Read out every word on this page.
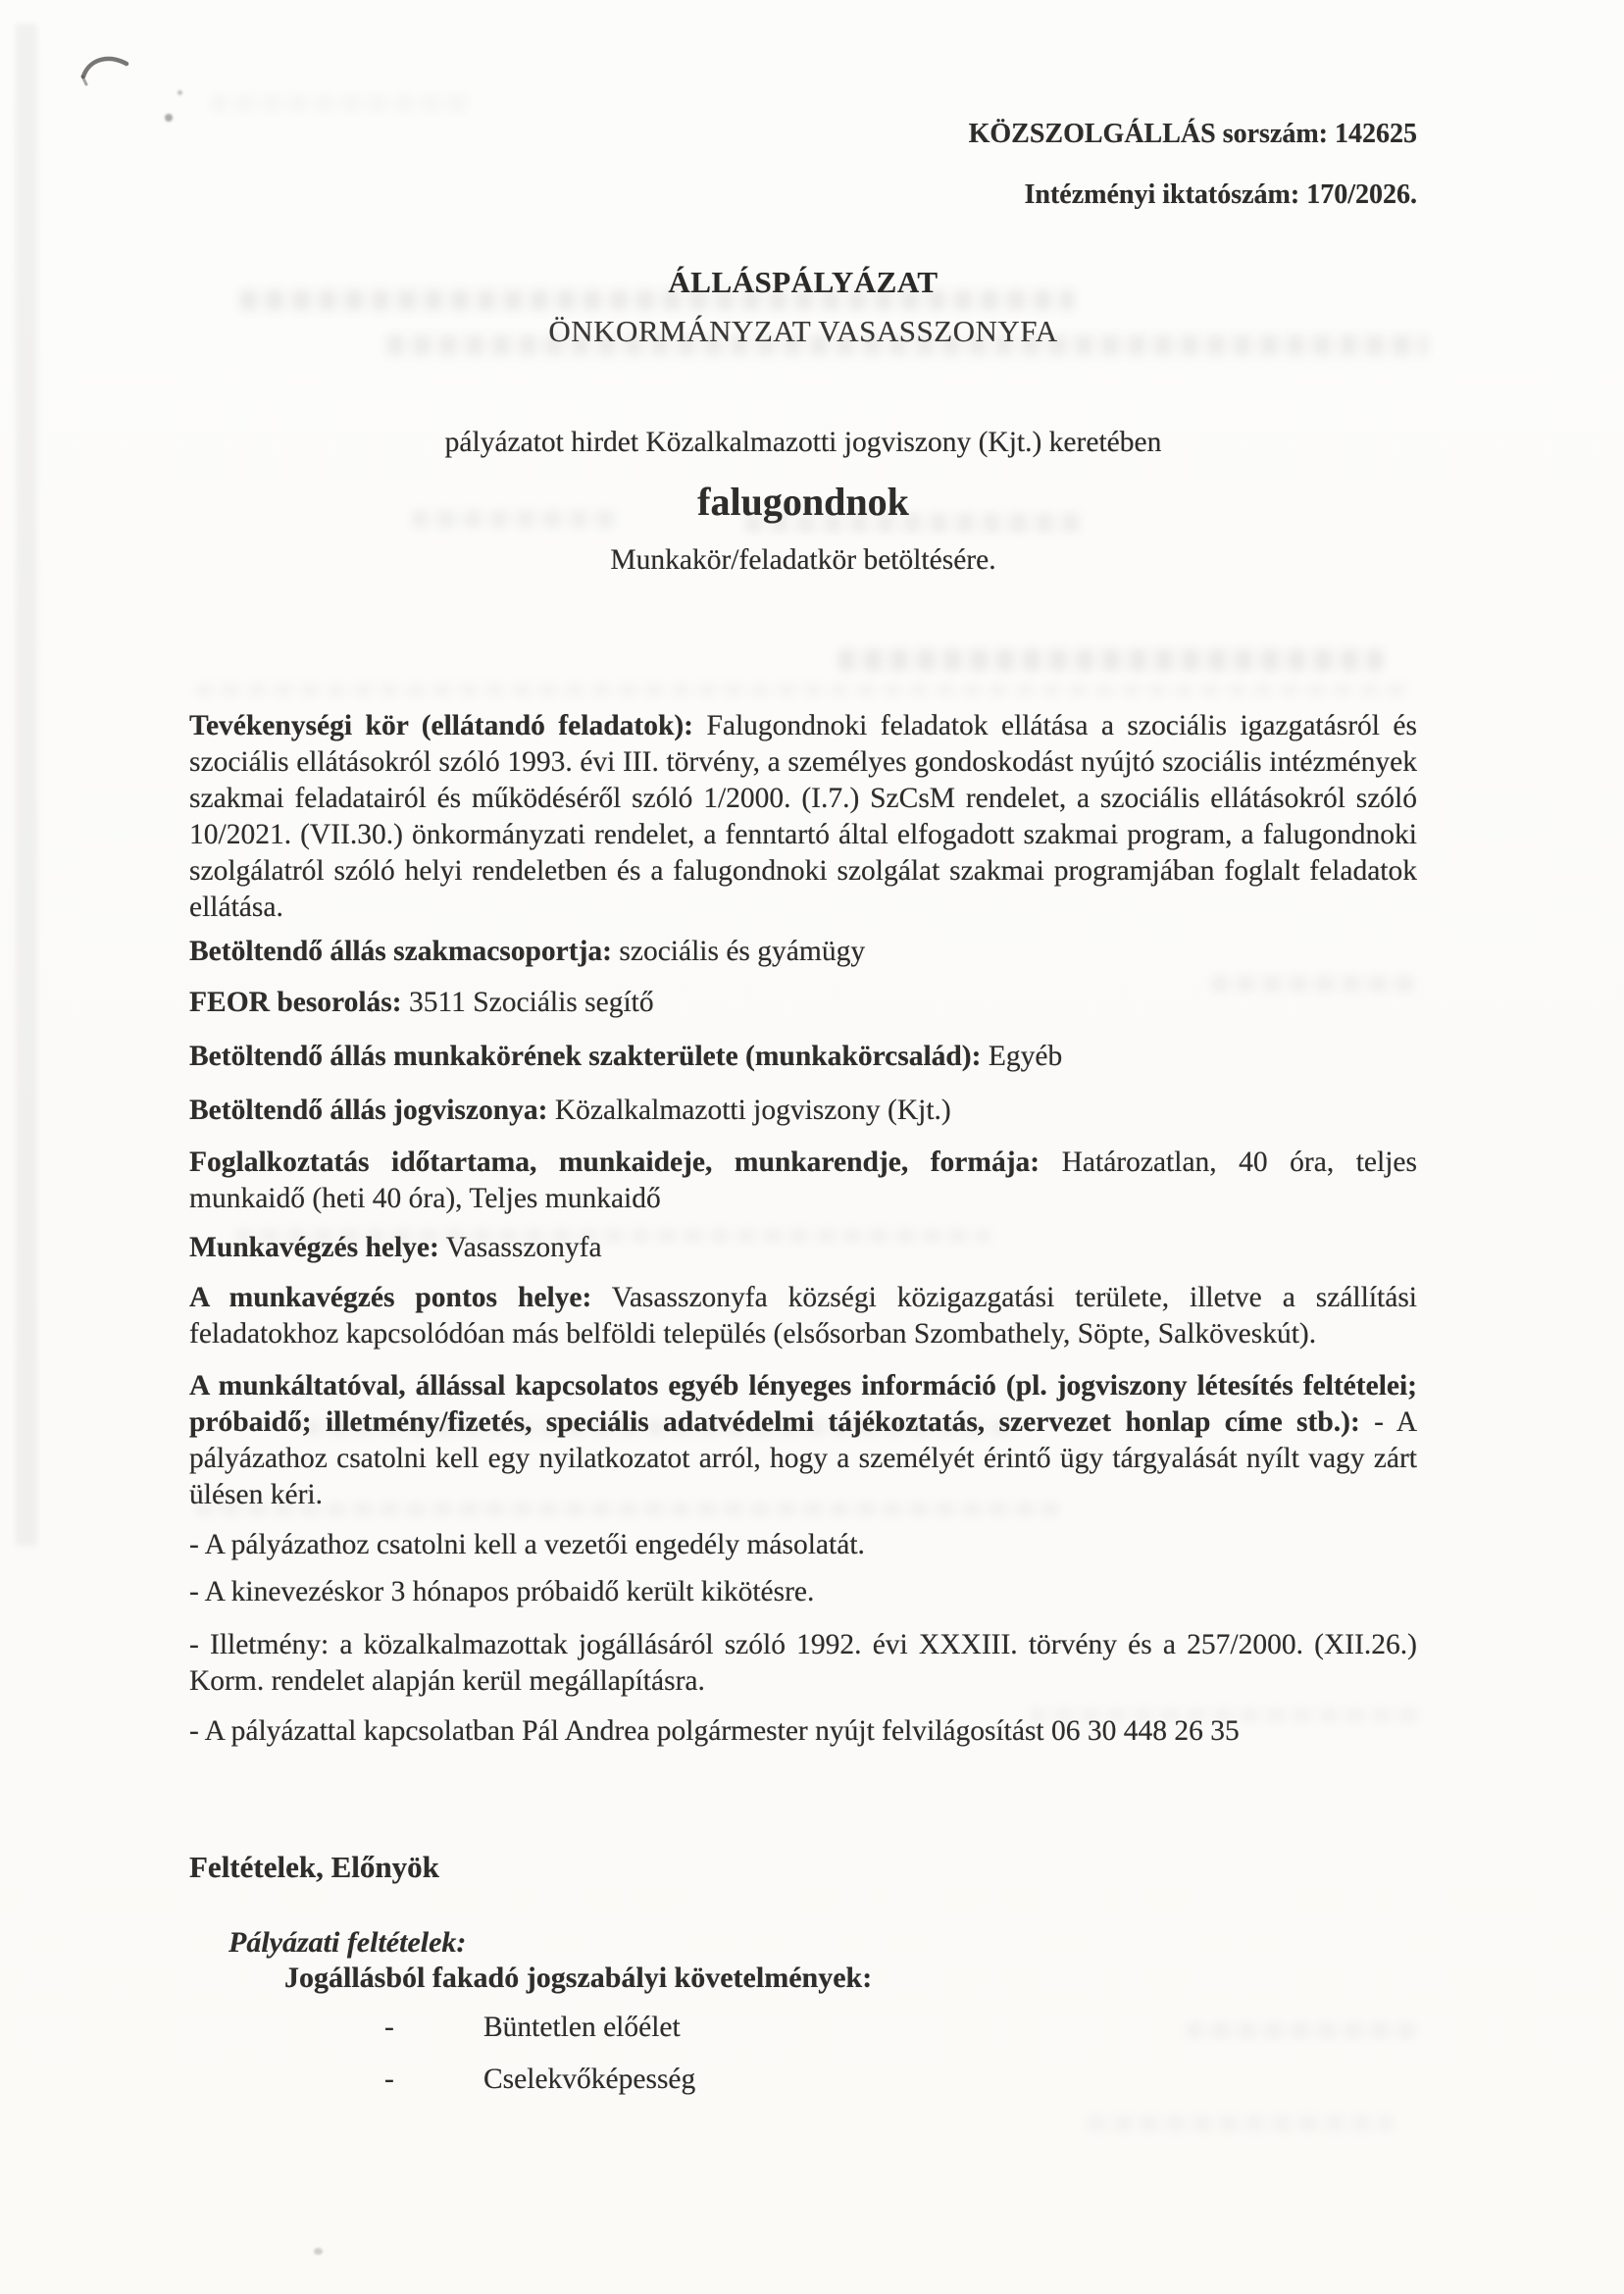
KÖZSZOLGÁLLÁS sorszám: 142625

Intézményi iktatószám: 170/2026.

ÁLLÁSPÁLYÁZAT

ÖNKORMÁNYZAT VASASSZONYFA

pályázatot hirdet Közalkalmazotti jogviszony (Kjt.) keretében

falugondnok

Munkakör/feladatkör betöltésére.

Tevékenységi kör (ellátandó feladatok): Falugondnoki feladatok ellátása a szociális igazgatásról és szociális ellátásokról szóló 1993. évi III. törvény, a személyes gondoskodást nyújtó szociális intézmények szakmai feladatairól és működéséről szóló 1/2000. (I.7.) SzCsM rendelet, a szociális ellátásokról szóló 10/2021. (VII.30.) önkormányzati rendelet, a fenntartó által elfogadott szakmai program, a falugondnoki szolgálatról szóló helyi rendeletben és a falugondnoki szolgálat szakmai programjában foglalt feladatok ellátása.

Betöltendő állás szakmacsoportja: szociális és gyámügy

FEOR besorolás: 3511 Szociális segítő

Betöltendő állás munkakörének szakterülete (munkakörcsalád): Egyéb

Betöltendő állás jogviszonya: Közalkalmazotti jogviszony (Kjt.)

Foglalkoztatás időtartama, munkaideje, munkarendje, formája: Határozatlan, 40 óra, teljes munkaidő (heti 40 óra), Teljes munkaidő

Munkavégzés helye: Vasasszonyfa

A munkavégzés pontos helye: Vasasszonyfa községi közigazgatási területe, illetve a szállítási feladatokhoz kapcsolódóan más belföldi település (elsősorban Szombathely, Söpte, Salköveskút).

A munkáltatóval, állással kapcsolatos egyéb lényeges információ (pl. jogviszony létesítés feltételei; próbaidő; illetmény/fizetés, speciális adatvédelmi tájékoztatás, szervezet honlap címe stb.): - A pályázathoz csatolni kell egy nyilatkozatot arról, hogy a személyét érintő ügy tárgyalását nyílt vagy zárt ülésen kéri.

- A pályázathoz csatolni kell a vezetői engedély másolatát.

- A kinevezéskor 3 hónapos próbaidő került kikötésre.

- Illetmény: a közalkalmazottak jogállásáról szóló 1992. évi XXXIII. törvény és a 257/2000. (XII.26.) Korm. rendelet alapján kerül megállapításra.

- A pályázattal kapcsolatban Pál Andrea polgármester nyújt felvilágosítást 06 30 448 26 35

Feltételek, Előnyök

Pályázati feltételek:

Jogállásból fakadó jogszabályi követelmények:

-	Büntetlen előélet
-	Cselekvőképesség
